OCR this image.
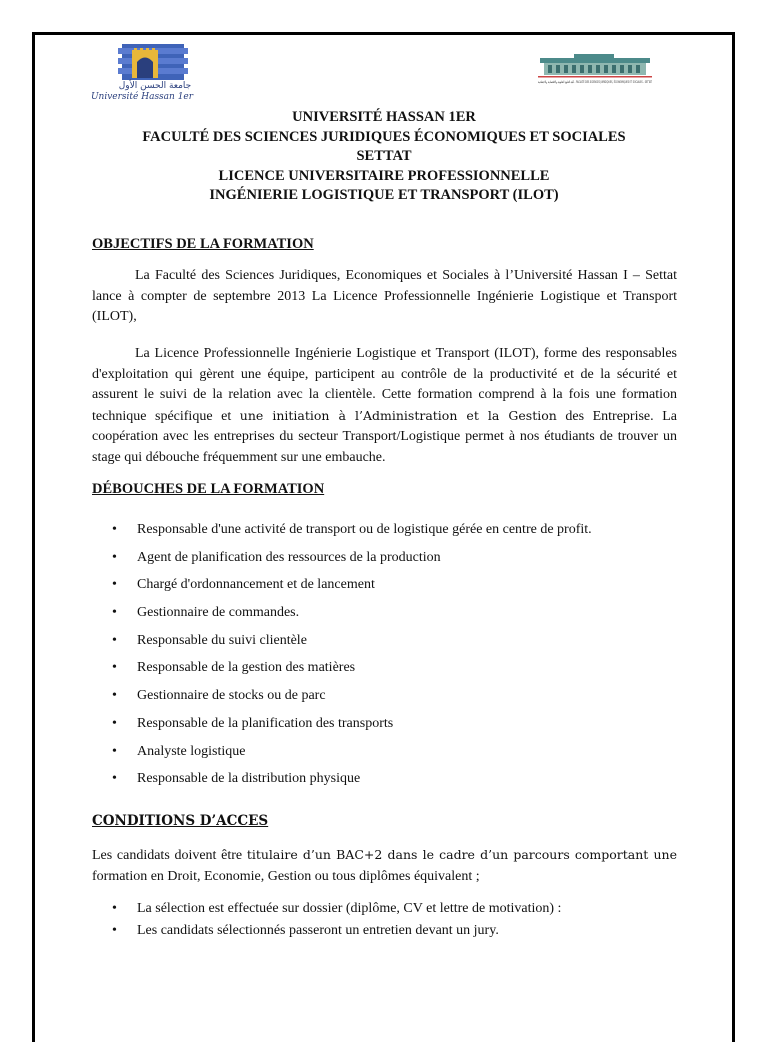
جامعة الحسن الأول
Université Hassan 1er
كلية العلوم القانونية والاقتصادية والاجتماعية - FACULTÉ DES SCIENCES JURIDIQUES, ÉCONOMIQUES ET SOCIALES - SETTAT
UNIVERSITÉ HASSAN 1ER
FACULTÉ DES SCIENCES JURIDIQUES ÉCONOMIQUES ET SOCIALES
SETTAT
LICENCE UNIVERSITAIRE PROFESSIONNELLE
INGÉNIERIE LOGISTIQUE ET TRANSPORT (ILOT)
OBJECTIFS DE LA FORMATION
La Faculté des Sciences Juridiques, Economiques et Sociales à l’Université Hassan I – Settat lance à compter de septembre 2013 La Licence Professionnelle Ingénierie Logistique et Transport (ILOT),
La Licence Professionnelle Ingénierie Logistique et Transport (ILOT), forme des responsables d'exploitation qui gèrent une équipe, participent au contrôle de la productivité et de la sécurité et assurent le suivi de la relation avec la clientèle. Cette formation comprend à la fois une formation technique spécifique et une initiation à l’Administration et la Gestion des Entreprise. La coopération avec les entreprises du secteur Transport/Logistique permet à nos étudiants de trouver un stage qui débouche fréquemment sur une embauche.
DÉBOUCHES DE LA FORMATION
• Responsable d'une activité de transport ou de logistique gérée en centre de profit.
• Agent de planification des ressources de la production
• Chargé d'ordonnancement et de lancement
• Gestionnaire de commandes.
• Responsable du suivi clientèle
• Responsable de la gestion des matières
• Gestionnaire de stocks ou de parc
• Responsable de la planification des transports
• Analyste logistique
• Responsable de la distribution physique
CONDITIONS D’ACCES
Les candidats doivent être titulaire d’un BAC+2 dans le cadre d’un parcours comportant une formation en Droit, Economie, Gestion ou tous diplômes équivalent ;
• La sélection est effectuée sur dossier (diplôme, CV et lettre de motivation) :
• Les candidats sélectionnés passeront un entretien devant un jury.
